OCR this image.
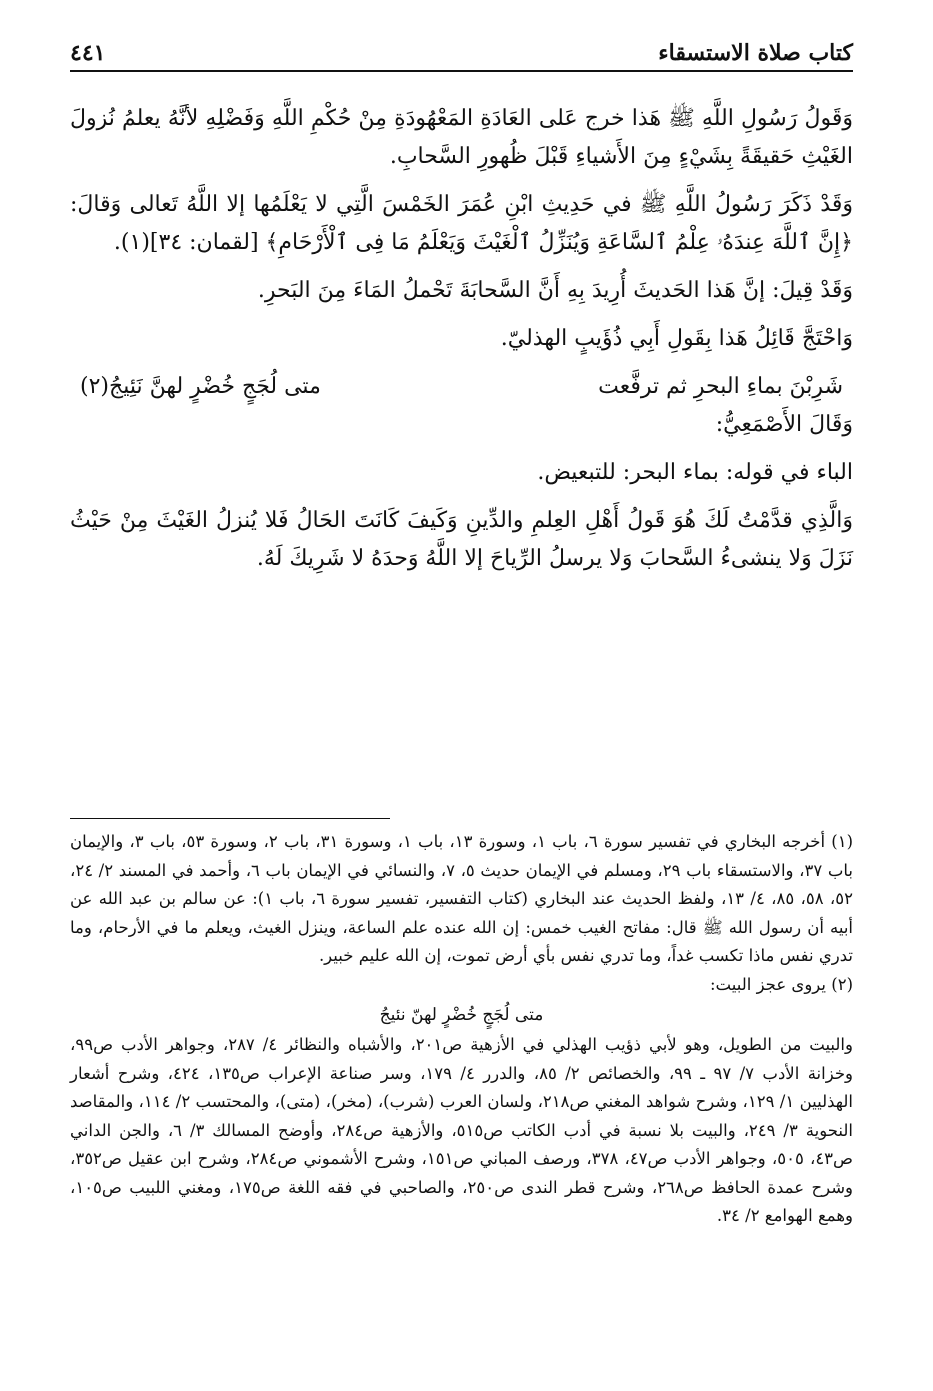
كتاب صلاة الاستسقاء
٤٤١

وَقَولُ رَسُولِ اللَّهِ ﷺ هَذا خرج عَلى العَادَةِ المَعْهُودَةِ مِنْ حُكْمِ اللَّهِ وَفَضْلِهِ لأنَّهُ يعلمُ نُزولَ الغَيْثِ حَقيقَةً بِشَيْءٍ مِنَ الأَشياءِ قَبْلَ ظُهورِ السَّحابِ.

وَقَدْ ذَكَرَ رَسُولُ اللَّهِ ﷺ في حَدِيثِ ابْنِ عُمَرَ الخَمْسَ الَّتِي لا يَعْلَمُها إلا اللَّهُ تَعالى وَقالَ: ﴿إِنَّ ٱللَّهَ عِندَهُۥ عِلْمُ ٱلسَّاعَةِ وَيُنَزِّلُ ٱلْغَيْثَ وَيَعْلَمُ مَا فِى ٱلْأَرْحَامِ﴾ [لقمان: ٣٤](١).

وَقَدْ قِيلَ: إنَّ هَذا الحَديثَ أُرِيدَ بِهِ أَنَّ السَّحابَةَ تَحْملُ المَاءَ مِنَ البَحرِ.

وَاحْتَجَّ قَائِلُ هَذا بِقَولِ أَبِي ذُؤَيبٍ الهذليّ.

شَرِبْنَ بماءِ البحرِ ثم ترفَّعت
متى لُجَجٍ خُضْرٍ لهنَّ نَئِيجُ(٢)

وَقَالَ الأَصْمَعِيُّ:

الباء في قوله: بماء البحر: للتبعيض.

وَالَّذِي قدَّمْتُ لَكَ هُوَ قَولُ أَهْلِ العِلمِ والدِّينِ وَكَيفَ كَانَتَ الحَالُ فَلا يُنزلُ الغَيْثَ مِنْ حَيْثُ نَزَلَ وَلا ينشىءُ السَّحابَ وَلا يرسلُ الرِّياحَ إلا اللَّهُ وَحدَهُ لا شَرِيكَ لَهُ.

(١) أخرجه البخاري في تفسير سورة ٦، باب ١، وسورة ١٣، باب ١، وسورة ٣١، باب ٢، وسورة ٥٣، باب ٣، والإيمان باب ٣٧، والاستسقاء باب ٢٩، ومسلم في الإيمان حديث ٥، ٧، والنسائي في الإيمان باب ٦، وأحمد في المسند ٢/ ٢٤، ٥٢، ٥٨، ٨٥، ٤/ ١٣، ولفظ الحديث عند البخاري (كتاب التفسير، تفسير سورة ٦، باب ١): عن سالم بن عبد الله عن أبيه أن رسول الله ﷺ قال: مفاتح الغيب خمس: إن الله عنده علم الساعة، وينزل الغيث، ويعلم ما في الأرحام، وما تدري نفس ماذا تكسب غداً، وما تدري نفس بأي أرض تموت، إن الله عليم خبير.

(٢) يروى عجز البيت:

متى لُجَجٍ خُضْرٍ لهنّ نئيجُ

والبيت من الطويل، وهو لأبي ذؤيب الهذلي في الأزهية ص٢٠١، والأشباه والنظائر ٤/ ٢٨٧، وجواهر الأدب ص٩٩، وخزانة الأدب ٧/ ٩٧ ـ ٩٩، والخصائص ٢/ ٨٥، والدرر ٤/ ١٧٩، وسر صناعة الإعراب ص١٣٥، ٤٢٤، وشرح أشعار الهذليين ١/ ١٢٩، وشرح شواهد المغني ص٢١٨، ولسان العرب (شرب)، (مخر)، (متى)، والمحتسب ٢/ ١١٤، والمقاصد النحوية ٣/ ٢٤٩، والبيت بلا نسبة في أدب الكاتب ص٥١٥، والأزهية ص٢٨٤، وأوضح المسالك ٣/ ٦، والجن الداني ص٤٣، ٥٠٥، وجواهر الأدب ص٤٧، ٣٧٨، ورصف المباني ص١٥١، وشرح الأشموني ص٢٨٤، وشرح ابن عقيل ص٣٥٢، وشرح عمدة الحافظ ص٢٦٨، وشرح قطر الندى ص٢٥٠، والصاحبي في فقه اللغة ص١٧٥، ومغني اللبيب ص١٠٥، وهمع الهوامع ٢/ ٣٤.
